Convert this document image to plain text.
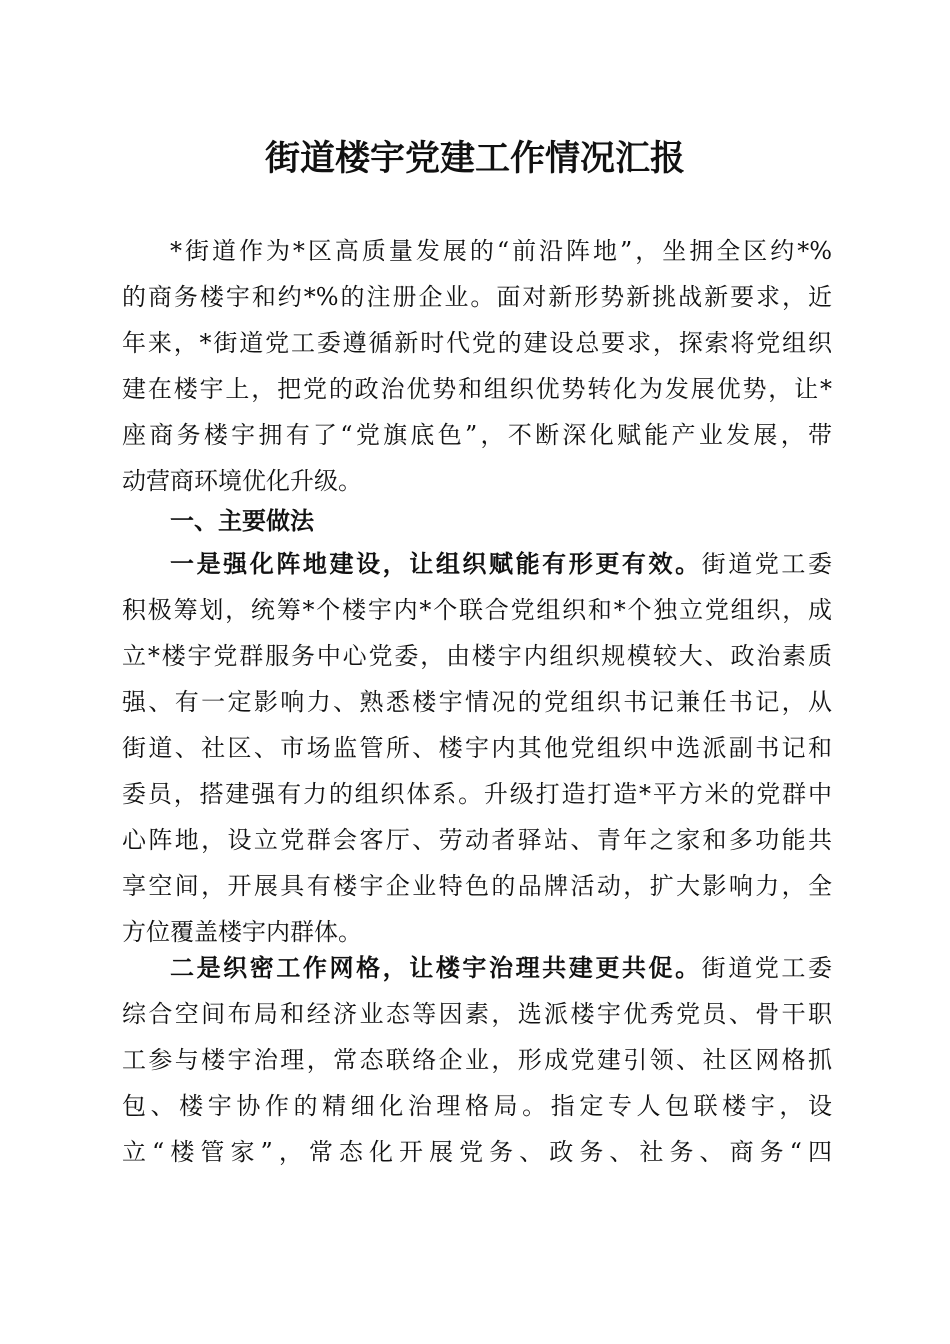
街道楼宇党建工作情况汇报
*街道作为*区高质量发展的“前沿阵地”，坐拥全区约*%
的商务楼宇和约*%的注册企业。面对新形势新挑战新要求，近
年来，*街道党工委遵循新时代党的建设总要求，探索将党组织
建在楼宇上，把党的政治优势和组织优势转化为发展优势，让*
座商务楼宇拥有了“党旗底色”，不断深化赋能产业发展，带
动营商环境优化升级。
一、主要做法
一是强化阵地建设，让组织赋能有形更有效。街道党工委
积极筹划，统筹*个楼宇内*个联合党组织和*个独立党组织，成
立*楼宇党群服务中心党委，由楼宇内组织规模较大、政治素质
强、有一定影响力、熟悉楼宇情况的党组织书记兼任书记，从
街道、社区、市场监管所、楼宇内其他党组织中选派副书记和
委员，搭建强有力的组织体系。升级打造打造*平方米的党群中
心阵地，设立党群会客厅、劳动者驿站、青年之家和多功能共
享空间，开展具有楼宇企业特色的品牌活动，扩大影响力，全
方位覆盖楼宇内群体。
二是织密工作网格，让楼宇治理共建更共促。街道党工委
综合空间布局和经济业态等因素，选派楼宇优秀党员、骨干职
工参与楼宇治理，常态联络企业，形成党建引领、社区网格抓
包、楼宇协作的精细化治理格局。指定专人包联楼宇，设
立“楼管家”，常态化开展党务、政务、社务、商务“四
